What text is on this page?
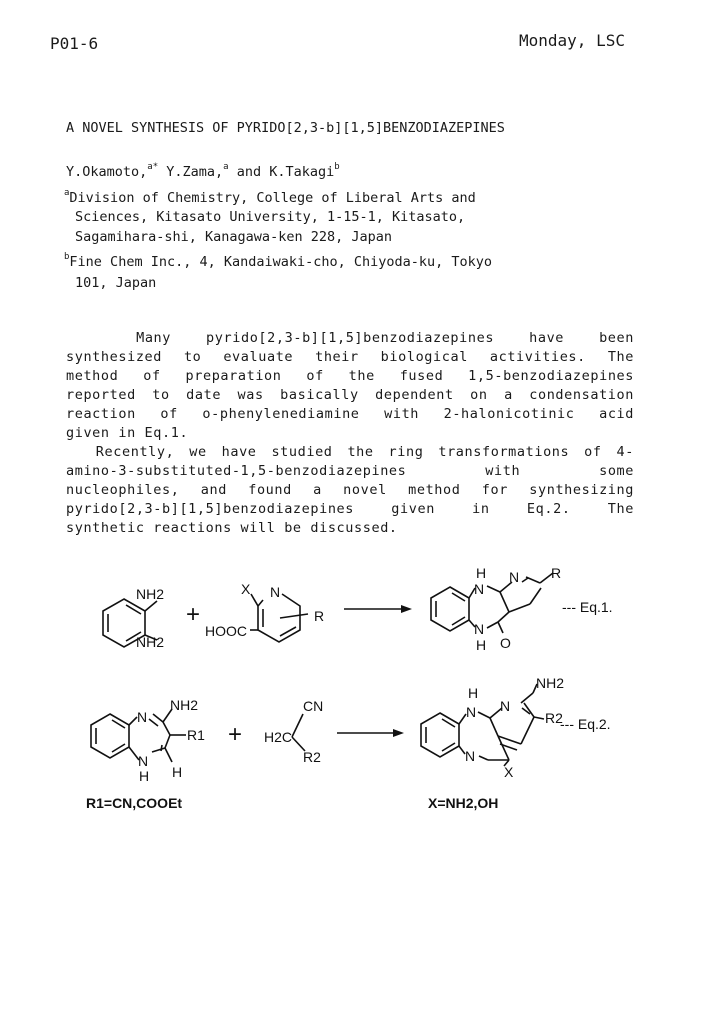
P01-6	Monday, LSC
A NOVEL SYNTHESIS OF PYRIDO[2,3-b][1,5]BENZODIAZEPINES
Y.Okamoto,$^{a*}$ Y.Zama,$^a$ and K.Takagi$^b$
$^a$Division of Chemistry, College of Liberal Arts and
Sciences, Kitasato University, 1-15-1, Kitasato,
Sagamihara-shi, Kanagawa-ken 228, Japan
$^b$Fine Chem Inc., 4, Kandaiwaki-cho, Chiyoda-ku, Tokyo
101, Japan
Many pyrido[2,3-b][1,5]benzodiazepines have been
synthesized to evaluate their biological activities. The
method of preparation of the fused 1,5-benzodiazepines
reported to date was basically dependent on a condensation
reaction of o-phenylenediamine with 2-halonicotinic acid
given in Eq.1.
Recently, we have studied the ring transformations of 4-
amino-3-substituted-1,5-benzodiazepines with some
nucleophiles, and found a novel method for synthesizing
pyrido[2,3-b][1,5]benzodiazepines given in Eq.2. The
synthetic reactions will be discussed.
+
+
NH2
NH2
X N
HOOC
R
H
N
N R
N
H O
--- Eq.1.
N
NH2
R1
N
H H
CN
H2C
R2
H
N N
NH2
R2
N
X
--- Eq.2.
R1=CN,COOEt	X=NH2,OH
